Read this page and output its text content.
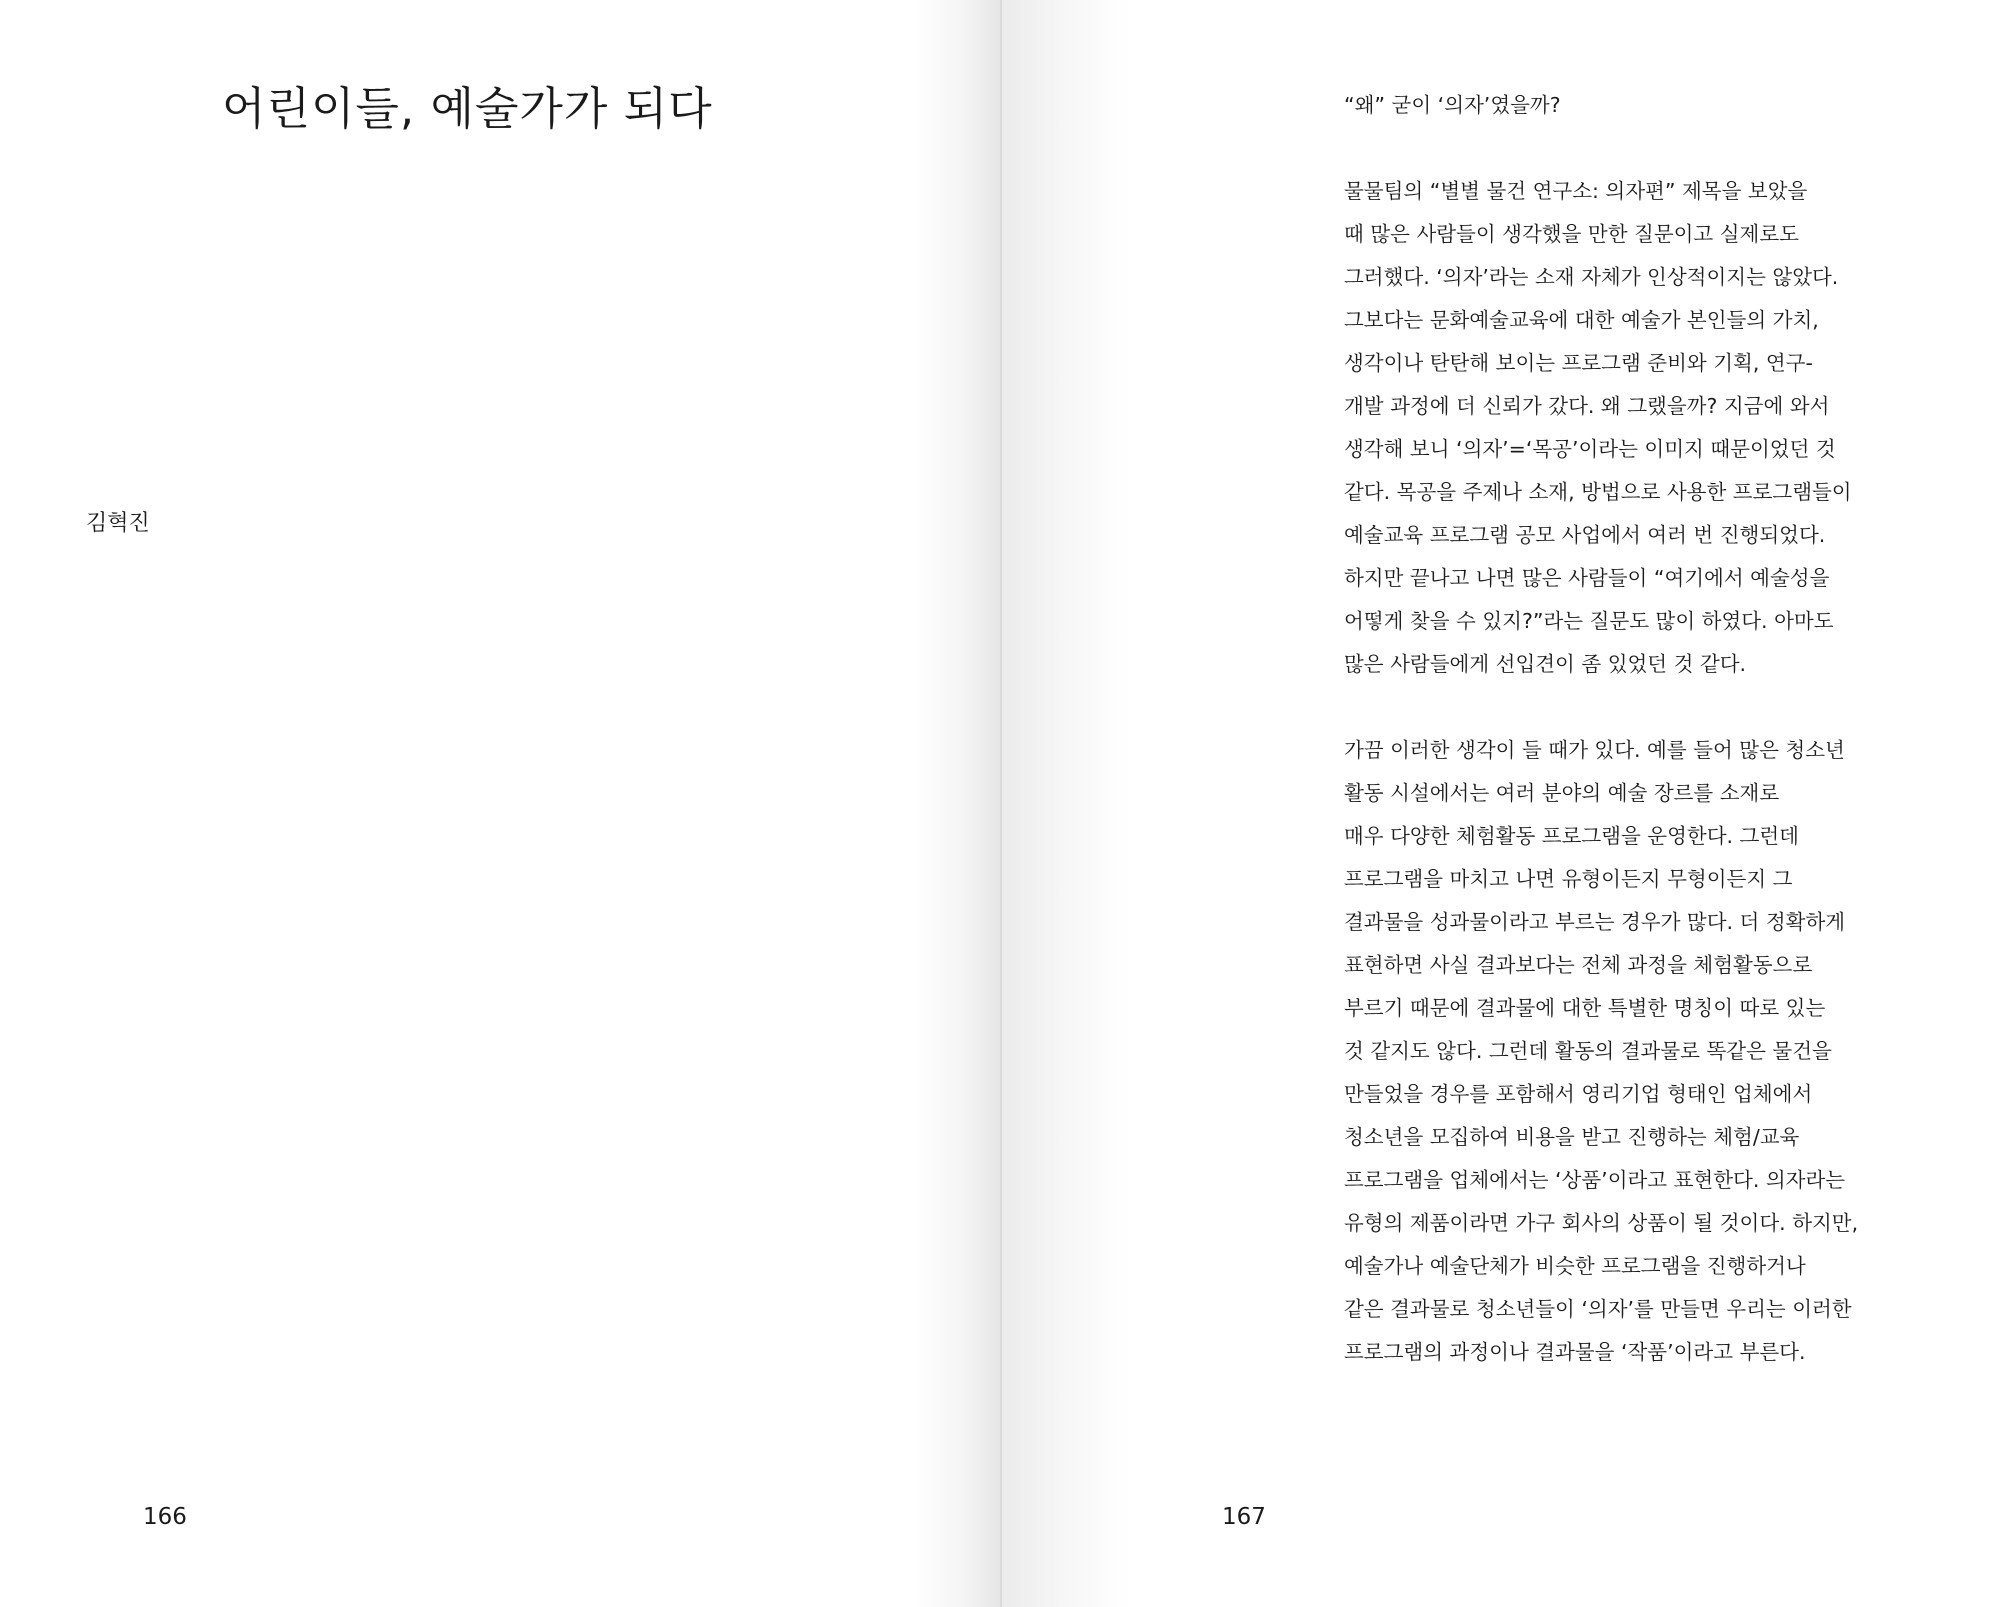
어린이들, 예술가가 되다
김혁진
166

“왜” 굳이 ‘의자’였을까?

물물팀의 “별별 물건 연구소: 의자편” 제목을 보았을
때 많은 사람들이 생각했을 만한 질문이고 실제로도
그러했다. ‘의자’라는 소재 자체가 인상적이지는 않았다.
그보다는 문화예술교육에 대한 예술가 본인들의 가치,
생각이나 탄탄해 보이는 프로그램 준비와 기획, 연구-
개발 과정에 더 신뢰가 갔다. 왜 그랬을까? 지금에 와서
생각해 보니 ‘의자’=‘목공’이라는 이미지 때문이었던 것
같다. 목공을 주제나 소재, 방법으로 사용한 프로그램들이
예술교육 프로그램 공모 사업에서 여러 번 진행되었다.
하지만 끝나고 나면 많은 사람들이 “여기에서 예술성을
어떻게 찾을 수 있지?”라는 질문도 많이 하였다. 아마도
많은 사람들에게 선입견이 좀 있었던 것 같다.

가끔 이러한 생각이 들 때가 있다. 예를 들어 많은 청소년
활동 시설에서는 여러 분야의 예술 장르를 소재로
매우 다양한 체험활동 프로그램을 운영한다. 그런데
프로그램을 마치고 나면 유형이든지 무형이든지 그
결과물을 성과물이라고 부르는 경우가 많다. 더 정확하게
표현하면 사실 결과보다는 전체 과정을 체험활동으로
부르기 때문에 결과물에 대한 특별한 명칭이 따로 있는
것 같지도 않다. 그런데 활동의 결과물로 똑같은 물건을
만들었을 경우를 포함해서 영리기업 형태인 업체에서
청소년을 모집하여 비용을 받고 진행하는 체험/교육
프로그램을 업체에서는 ‘상품’이라고 표현한다. 의자라는
유형의 제품이라면 가구 회사의 상품이 될 것이다. 하지만,
예술가나 예술단체가 비슷한 프로그램을 진행하거나
같은 결과물로 청소년들이 ‘의자’를 만들면 우리는 이러한
프로그램의 과정이나 결과물을 ‘작품’이라고 부른다.

167
